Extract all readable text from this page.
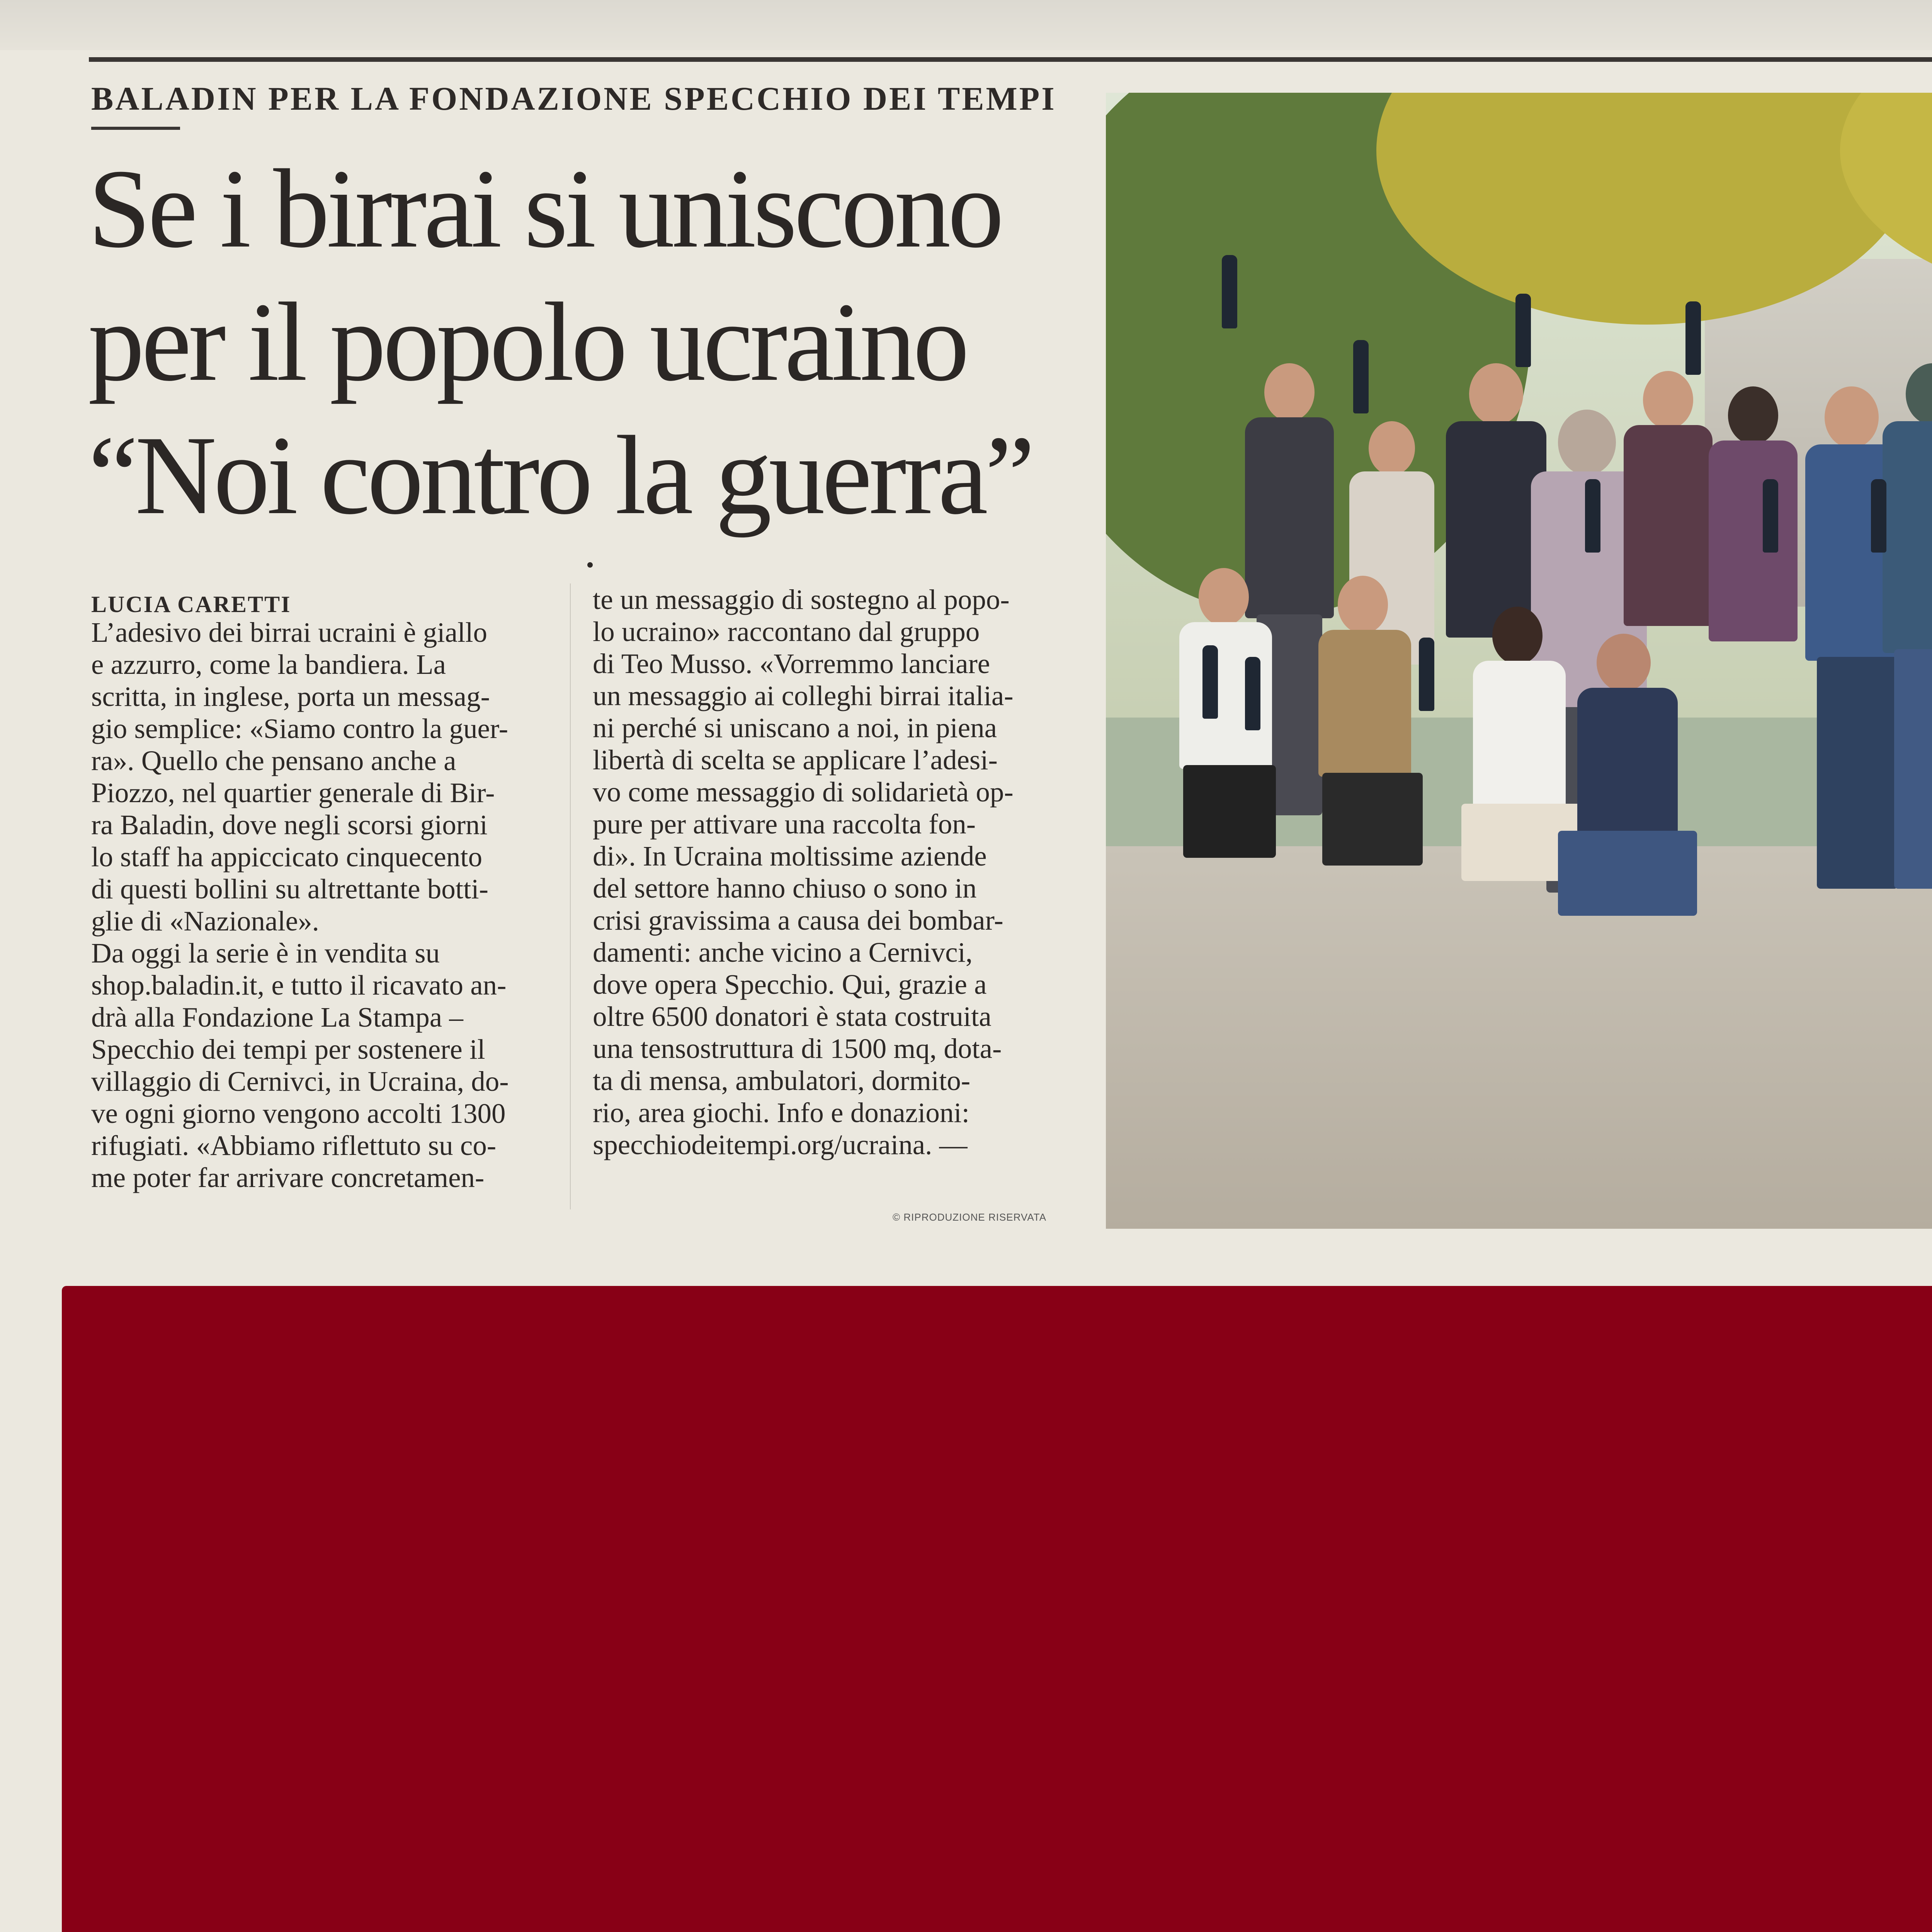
BALADIN PER LA FONDAZIONE SPECCHIO DEI TEMPI
Se i birrai si uniscono
per il popolo ucraino
“Noi contro la guerra”
LUCIA CARETTI
L’adesivo dei birrai ucraini è giallo
e azzurro, come la bandiera. La
scritta, in inglese, porta un messag-
gio semplice: «Siamo contro la guer-
ra». Quello che pensano anche a
Piozzo, nel quartier generale di Bir-
ra Baladin, dove negli scorsi giorni
lo staff ha appiccicato cinquecento
di questi bollini su altrettante botti-
glie di «Nazionale».
Da oggi la serie è in vendita su
shop.baladin.it, e tutto il ricavato an-
drà alla Fondazione La Stampa –
Specchio dei tempi per sostenere il
villaggio di Cernivci, in Ucraina, do-
ve ogni giorno vengono accolti 1300
rifugiati. «Abbiamo riflettuto su co-
me poter far arrivare concretamen-
te un messaggio di sostegno al popo-
lo ucraino» raccontano dal gruppo
di Teo Musso. «Vorremmo lanciare
un messaggio ai colleghi birrai italia-
ni perché si uniscano a noi, in piena
libertà di scelta se applicare l’adesi-
vo come messaggio di solidarietà op-
pure per attivare una raccolta fon-
di». In Ucraina moltissime aziende
del settore hanno chiuso o sono in
crisi gravissima a causa dei bombar-
damenti: anche vicino a Cernivci,
dove opera Specchio. Qui, grazie a
oltre 6500 donatori è stata costruita
una tensostruttura di 1500 mq, dota-
ta di mensa, ambulatori, dormito-
rio, area giochi. Info e donazioni:
specchiodeitempi.org/ucraina. —
© RIPRODUZIONE RISERVATA
